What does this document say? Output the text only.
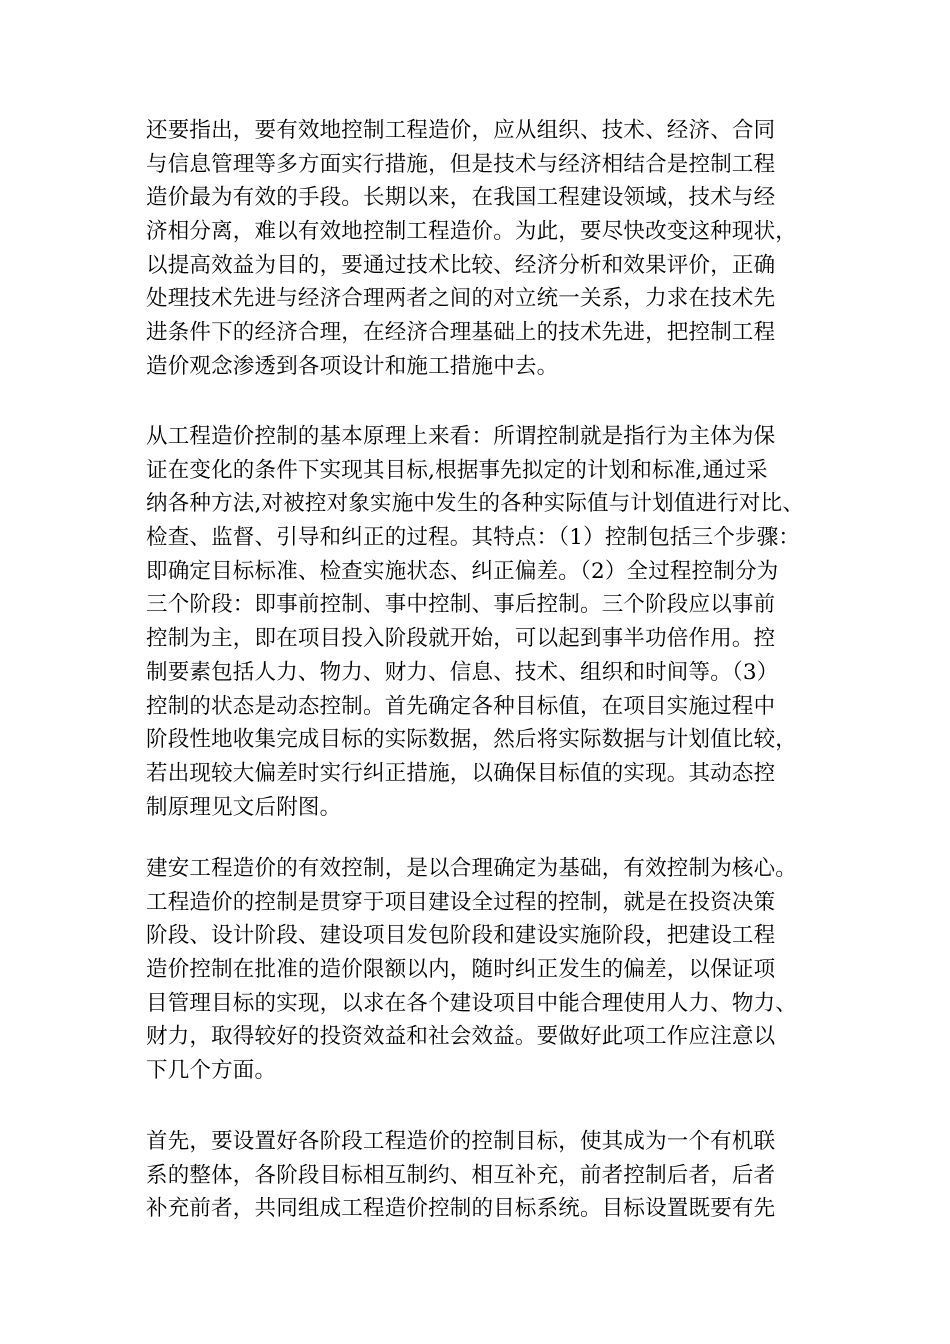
还要指出，要有效地控制工程造价，应从组织、技术、经济、合同
与信息管理等多方面实行措施，但是技术与经济相结合是控制工程
造价最为有效的手段。长期以来，在我国工程建设领域，技术与经
济相分离，难以有效地控制工程造价。为此，要尽快改变这种现状，
以提高效益为目的，要通过技术比较、经济分析和效果评价，正确
处理技术先进与经济合理两者之间的对立统一关系，力求在技术先
进条件下的经济合理，在经济合理基础上的技术先进，把控制工程
造价观念渗透到各项设计和施工措施中去。
从工程造价控制的基本原理上来看：所谓控制就是指行为主体为保
证在变化的条件下实现其目标,根据事先拟定的计划和标准,通过采
纳各种方法,对被控对象实施中发生的各种实际值与计划值进行对比、
检查、监督、引导和纠正的过程。其特点：（1）控制包括三个步骤：
即确定目标标准、检查实施状态、纠正偏差。（2）全过程控制分为
三个阶段：即事前控制、事中控制、事后控制。三个阶段应以事前
控制为主，即在项目投入阶段就开始，可以起到事半功倍作用。控
制要素包括人力、物力、财力、信息、技术、组织和时间等。（3）
控制的状态是动态控制。首先确定各种目标值，在项目实施过程中
阶段性地收集完成目标的实际数据，然后将实际数据与计划值比较，
若出现较大偏差时实行纠正措施，以确保目标值的实现。其动态控
制原理见文后附图。
建安工程造价的有效控制，是以合理确定为基础，有效控制为核心。
工程造价的控制是贯穿于项目建设全过程的控制，就是在投资决策
阶段、设计阶段、建设项目发包阶段和建设实施阶段，把建设工程
造价控制在批准的造价限额以内，随时纠正发生的偏差，以保证项
目管理目标的实现，以求在各个建设项目中能合理使用人力、物力、
财力，取得较好的投资效益和社会效益。要做好此项工作应注意以
下几个方面。
首先，要设置好各阶段工程造价的控制目标，使其成为一个有机联
系的整体，各阶段目标相互制约、相互补充，前者控制后者，后者
补充前者，共同组成工程造价控制的目标系统。目标设置既要有先
